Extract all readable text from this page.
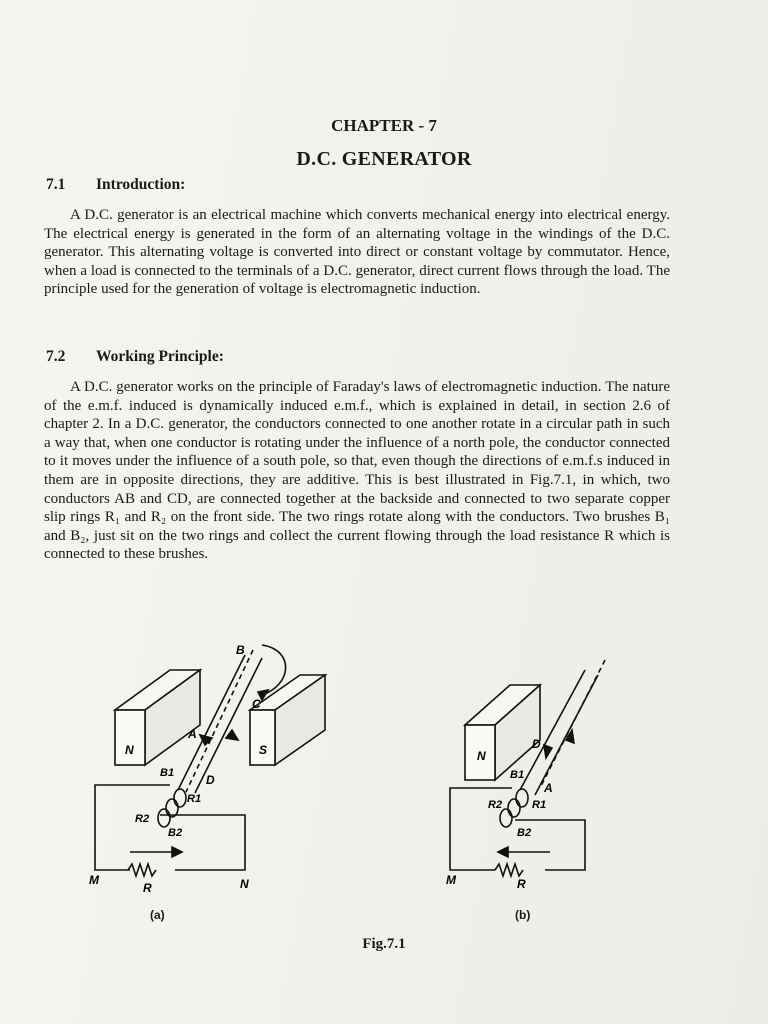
CHAPTER - 7
D.C. GENERATOR
7.1 Introduction:

A D.C. generator is an electrical machine which converts mechanical energy into electrical energy. The electrical energy is generated in the form of an alternating voltage in the windings of the D.C. generator. This alternating voltage is converted into direct or constant voltage by commutator. Hence, when a load is connected to the terminals of a D.C. generator, direct current flows through the load. The principle used for the generation of voltage is electromagnetic induction.

7.2 Working Principle:

A D.C. generator works on the principle of Faraday's laws of electromagnetic induction. The nature of the e.m.f. induced is dynamically induced e.m.f., which is explained in detail, in section 2.6 of chapter 2. In a D.C. generator, the conductors connected to one another rotate in a circular path in such a way that, when one conductor is rotating under the influence of a north pole, the conductor connected to it moves under the influence of a south pole, so that, even though the directions of e.m.f.s induced in them are in opposite directions, they are additive. This is best illustrated in Fig.7.1, in which, two conductors AB and CD, are connected together at the backside and connected to two separate copper slip rings R₁ and R₂ on the front side. The two rings rotate along with the conductors. Two brushes B₁ and B₂, just sit on the two rings and collect the current flowing through the load resistance R which is connected to these brushes.

N	S
B
C
A
D
B1
R1
R2
B2
M
R	N
N
D
A
B1
R1
R2
B2
M	R
(a)	(b)
Fig.7.1
